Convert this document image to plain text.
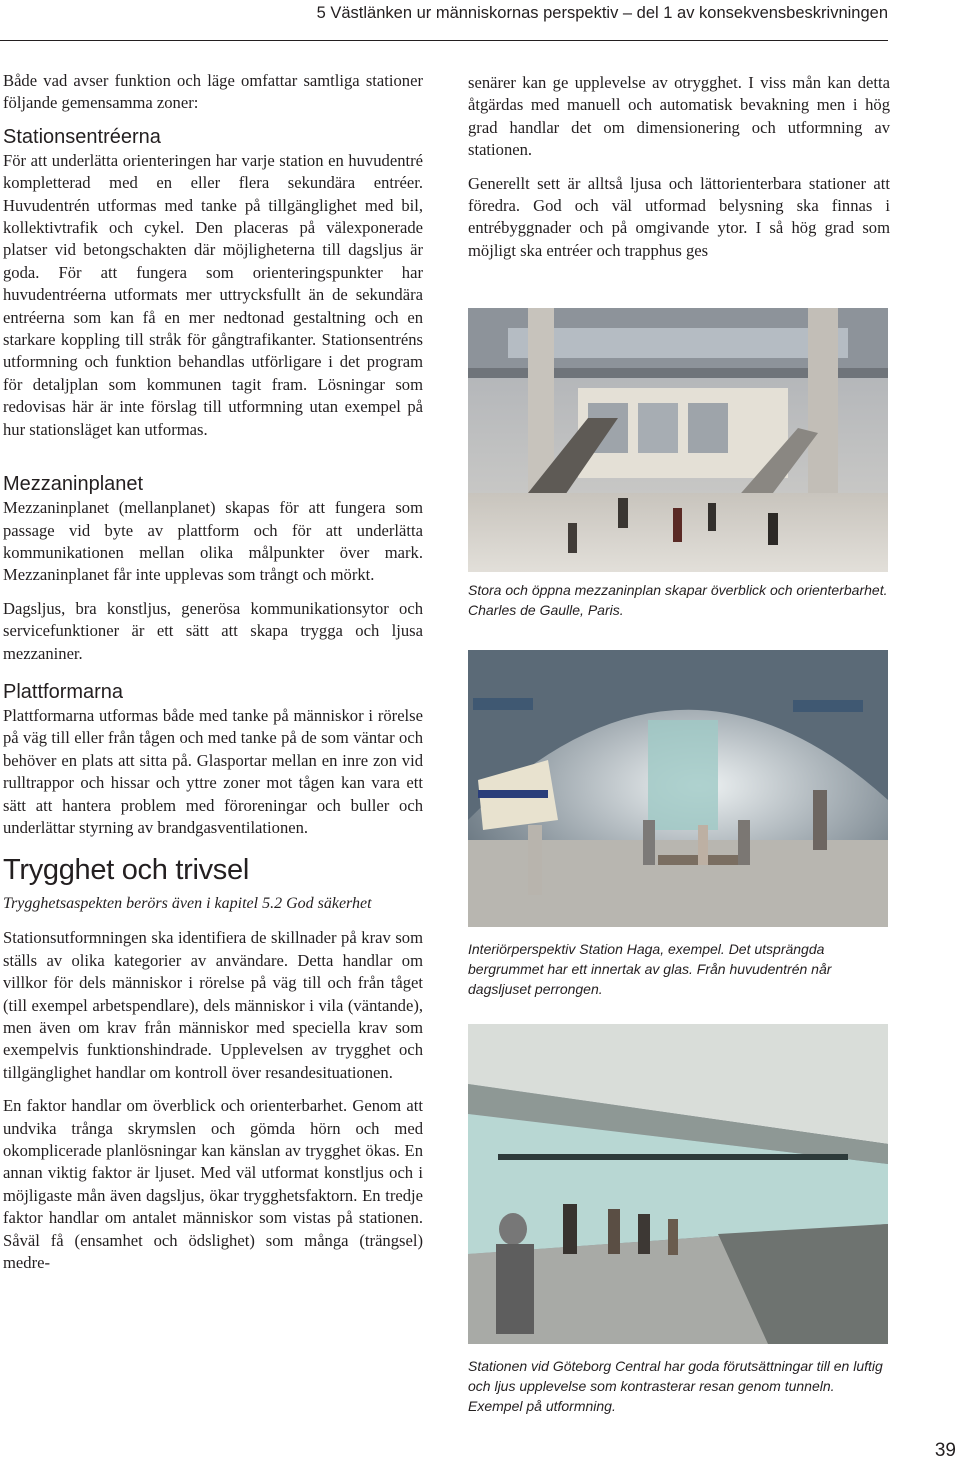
5 Västlänken ur människornas perspektiv – del 1 av konsekvensbeskrivningen

Både vad avser funktion och läge omfattar samtliga stationer följande gemensamma zoner:

Stationsentréerna

För att underlätta orienteringen har varje station en huvudentré kompletterad med en eller flera sekundära entréer. Huvudentrén utformas med tanke på tillgänglighet med bil, kollektivtrafik och cykel. Den placeras på välexponerade platser vid betongschakten där möjligheterna till dagsljus är goda. För att fungera som orienteringspunkter har huvudentréerna utformats mer uttrycksfullt än de sekundära entréerna som kan få en mer nedtonad gestaltning och en starkare koppling till stråk för gångtrafikanter. Stationsentréns utformning och funktion behandlas utförligare i det program för detaljplan som kommunen tagit fram. Lösningar som redovisas här är inte förslag till utformning utan exempel på hur stationsläget kan utformas.

Mezzaninplanet

Mezzaninplanet (mellanplanet) skapas för att fungera som passage vid byte av plattform och för att underlätta kommunikationen mellan olika målpunkter över mark. Mezzaninplanet får inte upplevas som trångt och mörkt.

Dagsljus, bra konstljus, generösa kommunikationsytor och servicefunktioner är ett sätt att skapa trygga och ljusa mezzaniner.

Plattformarna

Plattformarna utformas både med tanke på människor i rörelse på väg till eller från tågen och med tanke på de som väntar och behöver en plats att sitta på. Glasportar mellan en inre zon vid rulltrappor och hissar och yttre zoner mot tågen kan vara ett sätt att hantera problem med föroreningar och buller och underlättar styrning av brandgasventilationen.

Trygghet och trivsel

Trygghetsaspekten berörs även i kapitel 5.2 God säkerhet

Stationsutformningen ska identifiera de skillnader på krav som ställs av olika kategorier av användare. Detta handlar om villkor för dels människor i rörelse på väg till och från tåget (till exempel arbetspendlare), dels människor i vila (väntande), men även om krav från människor med speciella krav som exempelvis funktionshindrade. Upplevelsen av trygghet och tillgänglighet handlar om kontroll över resandesituationen.

En faktor handlar om överblick och orienterbarhet. Genom att undvika trånga skrymslen och gömda hörn och med okomplicerade planlösningar kan känslan av trygghet ökas. En annan viktig faktor är ljuset. Med väl utformat konstljus och i möjligaste mån även dagsljus, ökar trygghetsfaktorn. En tredje faktor handlar om antalet människor som vistas på stationen. Såväl få (ensamhet och ödslighet) som många (trängsel) medre-

senärer kan ge upplevelse av otrygghet. I viss mån kan detta åtgärdas med manuell och automatisk bevakning men i hög grad handlar det om dimensionering och utformning av stationen.

Generellt sett är alltså ljusa och lättorienterbara stationer att föredra. God och väl utformad belysning ska finnas i entrébyggnader och på omgivande ytor. I så hög grad som möjligt ska entréer och trapphus ges

Stora och öppna mezzaninplan skapar överblick och orienterbarhet. Charles de Gaulle, Paris.

Interiörperspektiv Station Haga, exempel. Det utsprängda bergrummet har ett innertak av glas. Från huvudentrén når dagsljuset perrongen.

Stationen vid Göteborg Central har goda förutsättningar till en luftig och ljus upplevelse som kontrasterar resan genom tunneln. Exempel på utformning.

39
